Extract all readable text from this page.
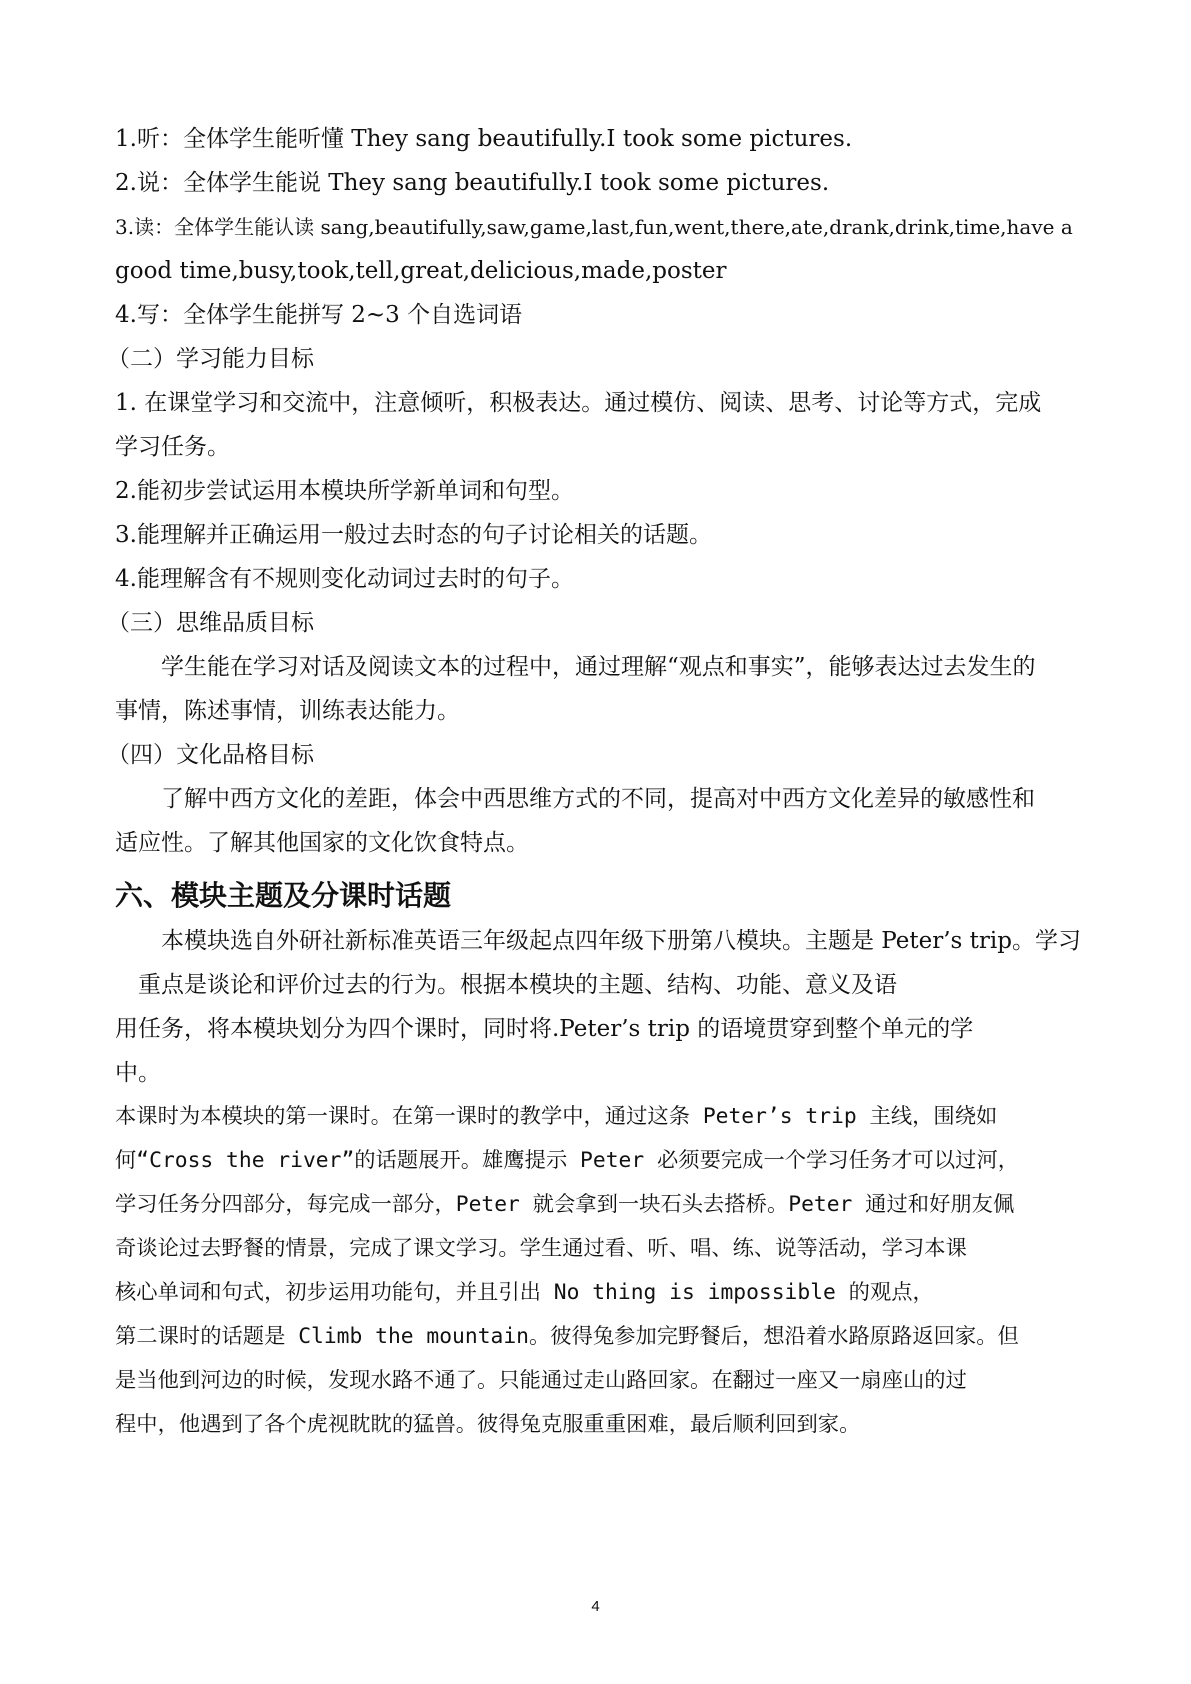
1.听：全体学生能听懂 They sang beautifully.I took some pictures.
2.说：全体学生能说 They sang beautifully.I took some pictures.
3.读：全体学生能认读 sang,beautifully,saw,game,last,fun,went,there,ate,drank,drink,time,have a
good time,busy,took,tell,great,delicious,made,poster
4.写：全体学生能拼写 2~3 个自选词语
（二）学习能力目标
1. 在课堂学习和交流中，注意倾听，积极表达。通过模仿、阅读、思考、讨论等方式，完成
学习任务。
2.能初步尝试运用本模块所学新单词和句型。
3.能理解并正确运用一般过去时态的句子讨论相关的话题。
4.能理解含有不规则变化动词过去时的句子。
（三）思维品质目标
学生能在学习对话及阅读文本的过程中，通过理解“观点和事实”，能够表达过去发生的
事情，陈述事情，训练表达能力。
（四）文化品格目标
了解中西方文化的差距，体会中西思维方式的不同，提高对中西方文化差异的敏感性和
适应性。了解其他国家的文化饮食特点。
六、模块主题及分课时话题
本模块选自外研社新标准英语三年级起点四年级下册第八模块。主题是 Peter’s trip。学习
重点是谈论和评价过去的行为。根据本模块的主题、结构、功能、意义及语
用任务，将本模块划分为四个课时，同时将.Peter’s trip 的语境贯穿到整个单元的学
中。
本课时为本模块的第一课时。在第一课时的教学中，通过这条 Peter’s trip 主线，围绕如
何“Cross the river”的话题展开。雄鹰提示 Peter 必须要完成一个学习任务才可以过河，
学习任务分四部分，每完成一部分，Peter 就会拿到一块石头去搭桥。Peter 通过和好朋友佩
奇谈论过去野餐的情景，完成了课文学习。学生通过看、听、唱、练、说等活动，学习本课
核心单词和句式，初步运用功能句，并且引出 No thing is impossible 的观点，
第二课时的话题是 Climb the mountain。彼得兔参加完野餐后，想沿着水路原路返回家。但
是当他到河边的时候，发现水路不通了。只能通过走山路回家。在翻过一座又一扇座山的过
程中，他遇到了各个虎视眈眈的猛兽。彼得兔克服重重困难，最后顺利回到家。
4
